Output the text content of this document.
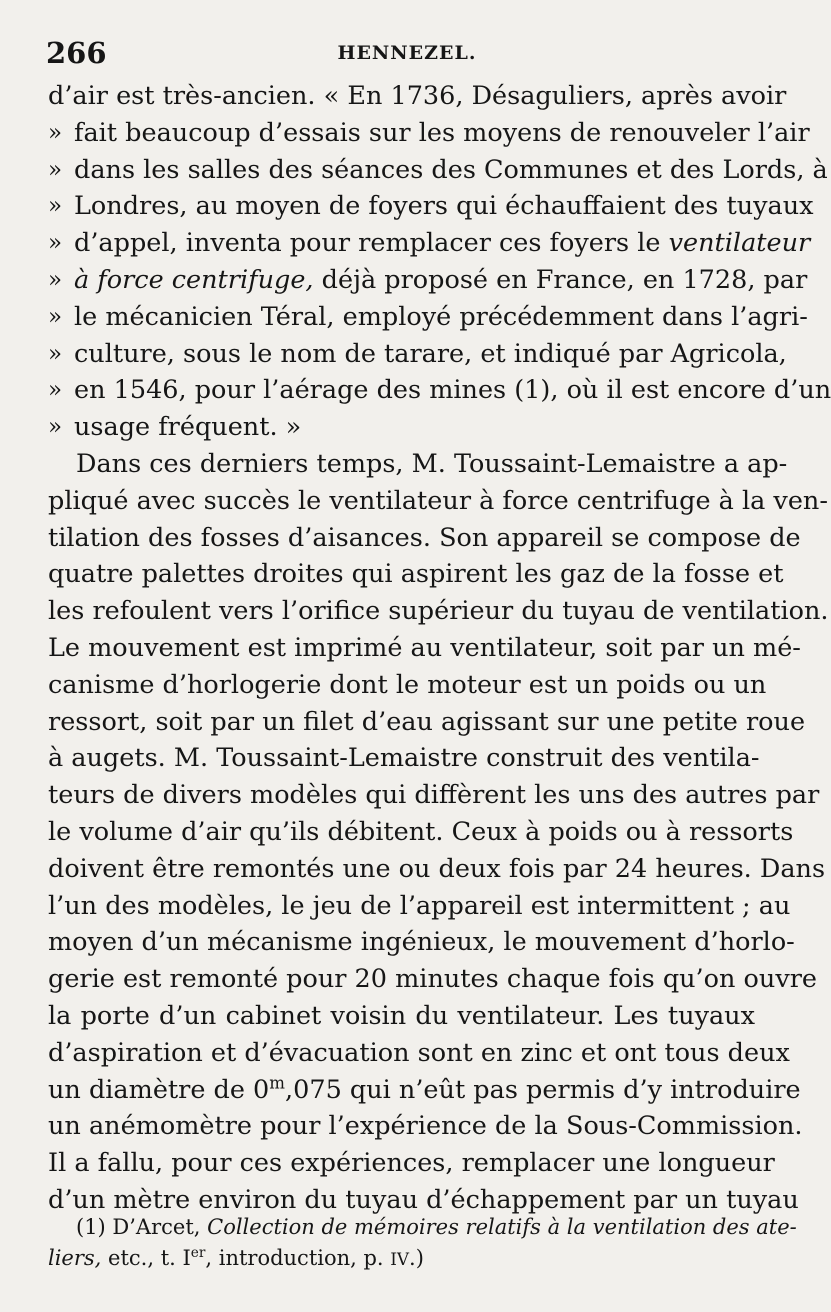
266	HENNEZEL.
d’air est très-ancien. « En 1736, Désaguliers, après avoir
» fait beaucoup d’essais sur les moyens de renouveler l’air
» dans les salles des séances des Communes et des Lords, à
» Londres, au moyen de foyers qui échauffaient des tuyaux
» d’appel, inventa pour remplacer ces foyers le ventilateur
» à force centrifuge, déjà proposé en France, en 1728, par
» le mécanicien Téral, employé précédemment dans l’agri-
» culture, sous le nom de tarare, et indiqué par Agricola,
» en 1546, pour l’aérage des mines (1), où il est encore d’un
» usage fréquent. »
Dans ces derniers temps, M. Toussaint-Lemaistre a ap-
pliqué avec succès le ventilateur à force centrifuge à la ven-
tilation des fosses d’aisances. Son appareil se compose de
quatre palettes droites qui aspirent les gaz de la fosse et
les refoulent vers l’orifice supérieur du tuyau de ventilation.
Le mouvement est imprimé au ventilateur, soit par un mé-
canisme d’horlogerie dont le moteur est un poids ou un
ressort, soit par un filet d’eau agissant sur une petite roue
à augets. M. Toussaint-Lemaistre construit des ventila-
teurs de divers modèles qui diffèrent les uns des autres par
le volume d’air qu’ils débitent. Ceux à poids ou à ressorts
doivent être remontés une ou deux fois par 24 heures. Dans
l’un des modèles, le jeu de l’appareil est intermittent ; au
moyen d’un mécanisme ingénieux, le mouvement d’horlo-
gerie est remonté pour 20 minutes chaque fois qu’on ouvre
la porte d’un cabinet voisin du ventilateur. Les tuyaux
d’aspiration et d’évacuation sont en zinc et ont tous deux
un diamètre de 0$^m$,075 qui n’eût pas permis d’y introduire
un anémomètre pour l’expérience de la Sous-Commission.
Il a fallu, pour ces expériences, remplacer une longueur
d’un mètre environ du tuyau d’échappement par un tuyau
(1) D’Arcet, Collection de mémoires relatifs à la ventilation des ate-
liers, etc., t. Ier, introduction, p. IV.)
